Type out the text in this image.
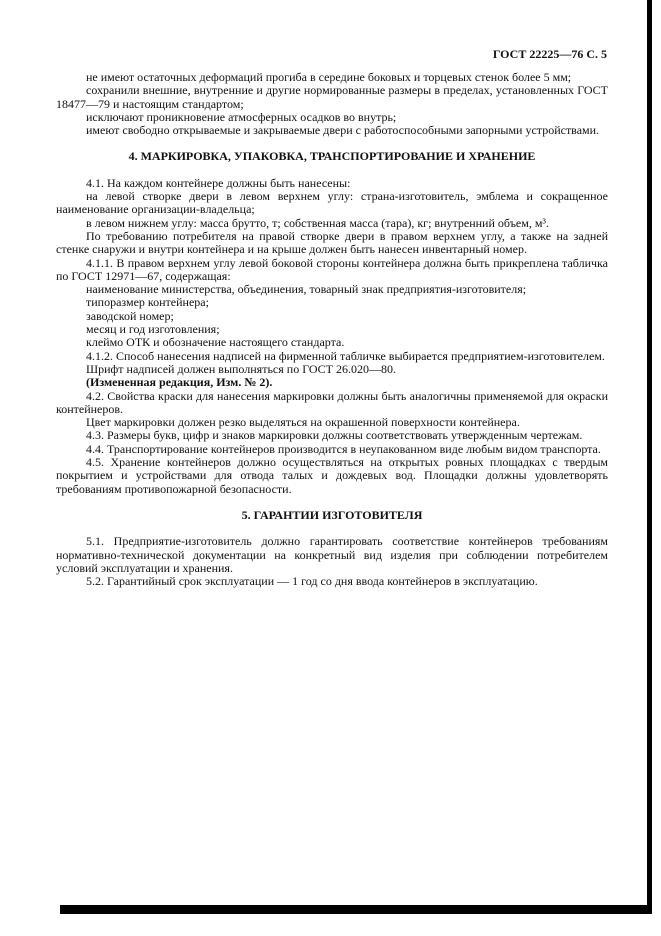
ГОСТ 22225—76 С. 5

не имеют остаточных деформаций прогиба в середине боковых и торцевых стенок более 5 мм;

сохранили внешние, внутренние и другие нормированные размеры в пределах, установленных ГОСТ 18477—79 и настоящим стандартом;

исключают проникновение атмосферных осадков во внутрь;

имеют свободно открываемые и закрываемые двери с работоспособными запорными устройствами.

4. МАРКИРОВКА, УПАКОВКА, ТРАНСПОРТИРОВАНИЕ И ХРАНЕНИЕ

4.1. На каждом контейнере должны быть нанесены:

на левой створке двери в левом верхнем углу: страна-изготовитель, эмблема и сокращенное наименование организации-владельца;

в левом нижнем углу: масса брутто, т; собственная масса (тара), кг; внутренний объем, м³.

По требованию потребителя на правой створке двери в правом верхнем углу, а также на задней стенке снаружи и внутри контейнера и на крыше должен быть нанесен инвентарный номер.

4.1.1. В правом верхнем углу левой боковой стороны контейнера должна быть прикреплена табличка по ГОСТ 12971—67, содержащая:

наименование министерства, объединения, товарный знак предприятия-изготовителя;

типоразмер контейнера;

заводской номер;

месяц и год изготовления;

клеймо ОТК и обозначение настоящего стандарта.

4.1.2. Способ нанесения надписей на фирменной табличке выбирается предприятием-изготовителем.

Шрифт надписей должен выполняться по ГОСТ 26.020—80.

(Измененная редакция, Изм. № 2).

4.2. Свойства краски для нанесения маркировки должны быть аналогичны применяемой для окраски контейнеров.

Цвет маркировки должен резко выделяться на окрашенной поверхности контейнера.

4.3. Размеры букв, цифр и знаков маркировки должны соответствовать утвержденным чертежам.

4.4. Транспортирование контейнеров производится в неупакованном виде любым видом транспорта.

4.5. Хранение контейнеров должно осуществляться на открытых ровных площадках с твердым покрытием и устройствами для отвода талых и дождевых вод. Площадки должны удовлетворять требованиям противопожарной безопасности.

5. ГАРАНТИИ ИЗГОТОВИТЕЛЯ

5.1. Предприятие-изготовитель должно гарантировать соответствие контейнеров требованиям нормативно-технической документации на конкретный вид изделия при соблюдении потребителем условий эксплуатации и хранения.

5.2. Гарантийный срок эксплуатации — 1 год со дня ввода контейнеров в эксплуатацию.
